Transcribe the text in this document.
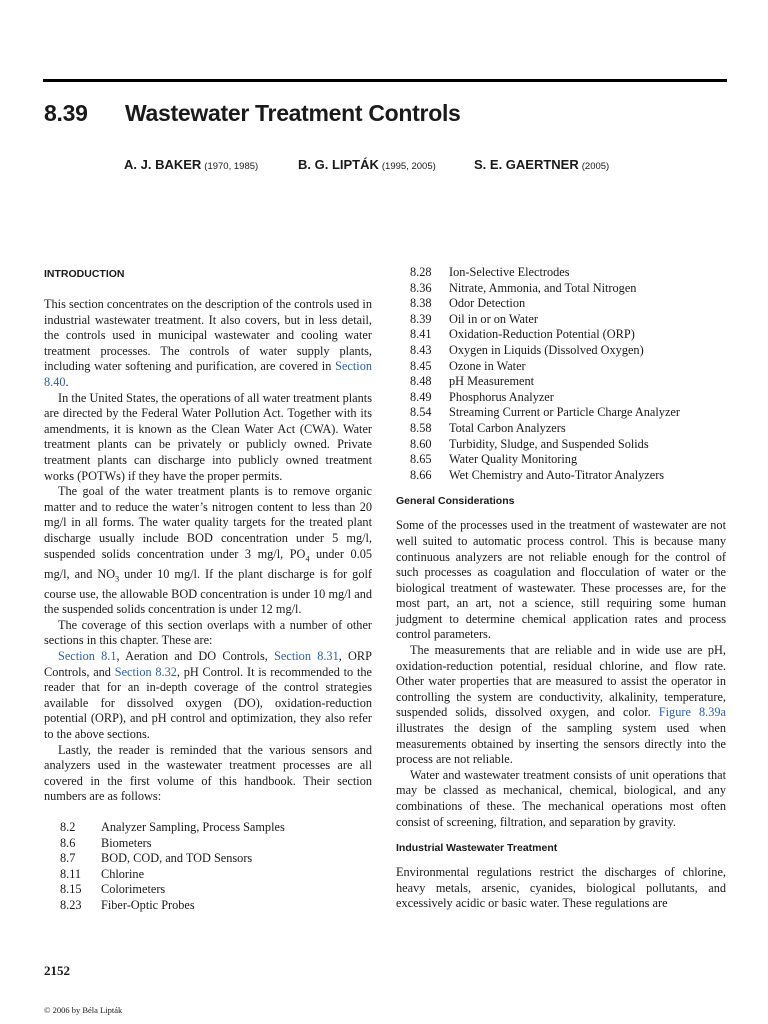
8.39 Wastewater Treatment Controls
A. J. BAKER (1970, 1985)	B. G. LIPTÁK (1995, 2005)	S. E. GAERTNER (2005)
INTRODUCTION

This section concentrates on the description of the controls used in industrial wastewater treatment. It also covers, but in less detail, the controls used in municipal wastewater and cooling water treatment processes. The controls of water supply plants, including water softening and purification, are covered in Section 8.40.

In the United States, the operations of all water treatment plants are directed by the Federal Water Pollution Act. Together with its amendments, it is known as the Clean Water Act (CWA). Water treatment plants can be privately or publicly owned. Private treatment plants can discharge into publicly owned treatment works (POTWs) if they have the proper permits.

The goal of the water treatment plants is to remove organic matter and to reduce the water’s nitrogen content to less than 20 mg/l in all forms. The water quality targets for the treated plant discharge usually include BOD concentration under 5 mg/l, suspended solids concentration under 3 mg/l, $PO_4$ under 0.05 mg/l, and $NO_3$ under 10 mg/l. If the plant discharge is for golf course use, the allowable BOD concentration is under 10 mg/l and the suspended solids concentration is under 12 mg/l.

The coverage of this section overlaps with a number of other sections in this chapter. These are:

Section 8.1, Aeration and DO Controls, Section 8.31, ORP Controls, and Section 8.32, pH Control. It is recommended to the reader that for an in-depth coverage of the control strategies available for dissolved oxygen (DO), oxidation-reduction potential (ORP), and pH control and optimization, they also refer to the above sections.

Lastly, the reader is reminded that the various sensors and analyzers used in the wastewater treatment processes are all covered in the first volume of this handbook. Their section numbers are as follows:

8.2	Analyzer Sampling, Process Samples
8.6	Biometers
8.7	BOD, COD, and TOD Sensors
8.11	Chlorine
8.15	Colorimeters
8.23	Fiber-Optic Probes
8.28	Ion-Selective Electrodes
8.36	Nitrate, Ammonia, and Total Nitrogen
8.38	Odor Detection
8.39	Oil in or on Water
8.41	Oxidation-Reduction Potential (ORP)
8.43	Oxygen in Liquids (Dissolved Oxygen)
8.45	Ozone in Water
8.48	pH Measurement
8.49	Phosphorus Analyzer
8.54	Streaming Current or Particle Charge Analyzer
8.58	Total Carbon Analyzers
8.60	Turbidity, Sludge, and Suspended Solids
8.65	Water Quality Monitoring
8.66	Wet Chemistry and Auto-Titrator Analyzers
General Considerations

Some of the processes used in the treatment of wastewater are not well suited to automatic process control. This is because many continuous analyzers are not reliable enough for the control of such processes as coagulation and flocculation of water or the biological treatment of wastewater. These processes are, for the most part, an art, not a science, still requiring some human judgment to determine chemical application rates and process control parameters.

The measurements that are reliable and in wide use are pH, oxidation-reduction potential, residual chlorine, and flow rate. Other water properties that are measured to assist the operator in controlling the system are conductivity, alkalinity, temperature, suspended solids, dissolved oxygen, and color. Figure 8.39a illustrates the design of the sampling system used when measurements obtained by inserting the sensors directly into the process are not reliable.

Water and wastewater treatment consists of unit operations that may be classed as mechanical, chemical, biological, and any combinations of these. The mechanical operations most often consist of screening, filtration, and separation by gravity.

Industrial Wastewater Treatment

Environmental regulations restrict the discharges of chlorine, heavy metals, arsenic, cyanides, biological pollutants, and excessively acidic or basic water. These regulations are

2152
© 2006 by Béla Lipták
